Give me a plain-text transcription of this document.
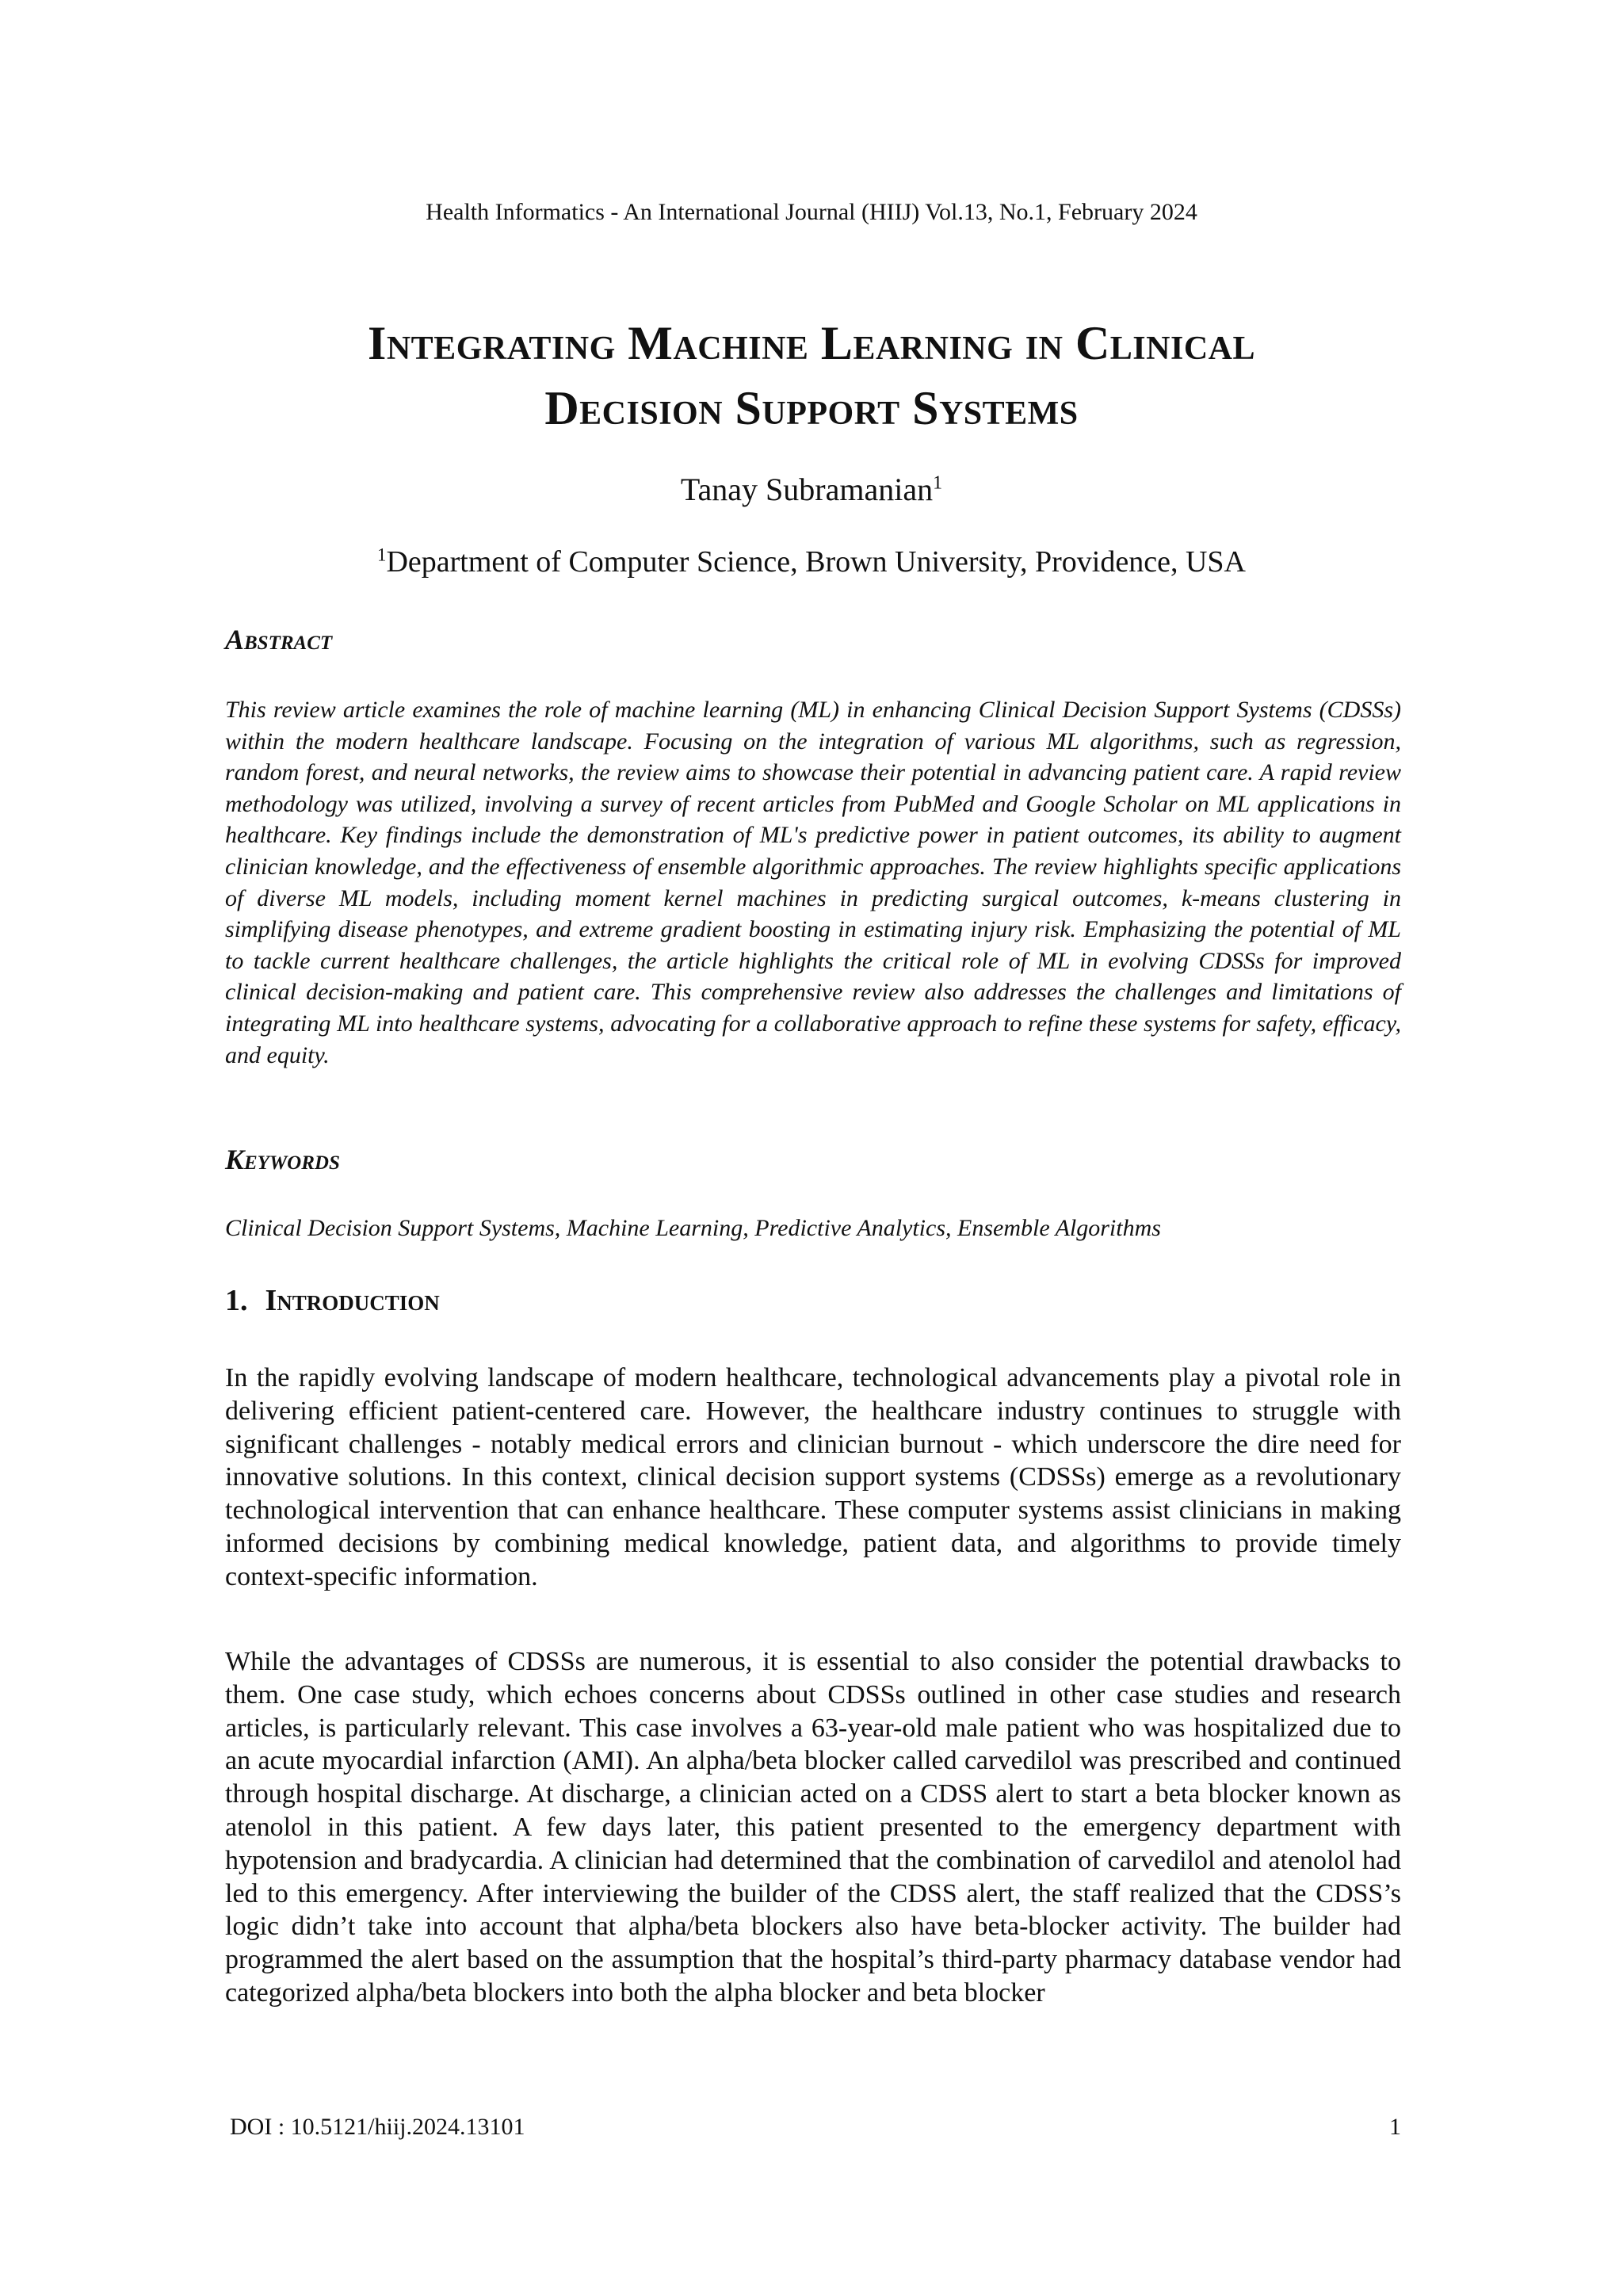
Health Informatics - An International Journal (HIIJ) Vol.13, No.1, February 2024
Integrating Machine Learning in Clinical
Decision Support Systems
Tanay Subramanian$^1$
$^1$Department of Computer Science, Brown University, Providence, USA
Abstract
This review article examines the role of machine learning (ML) in enhancing Clinical Decision Support Systems (CDSSs) within the modern healthcare landscape. Focusing on the integration of various ML algorithms, such as regression, random forest, and neural networks, the review aims to showcase their potential in advancing patient care. A rapid review methodology was utilized, involving a survey of recent articles from PubMed and Google Scholar on ML applications in healthcare. Key findings include the demonstration of ML's predictive power in patient outcomes, its ability to augment clinician knowledge, and the effectiveness of ensemble algorithmic approaches. The review highlights specific applications of diverse ML models, including moment kernel machines in predicting surgical outcomes, k-means clustering in simplifying disease phenotypes, and extreme gradient boosting in estimating injury risk. Emphasizing the potential of ML to tackle current healthcare challenges, the article highlights the critical role of ML in evolving CDSSs for improved clinical decision-making and patient care. This comprehensive review also addresses the challenges and limitations of integrating ML into healthcare systems, advocating for a collaborative approach to refine these systems for safety, efficacy, and equity.
Keywords
Clinical Decision Support Systems, Machine Learning, Predictive Analytics, Ensemble Algorithms
1. Introduction
In the rapidly evolving landscape of modern healthcare, technological advancements play a pivotal role in delivering efficient patient-centered care. However, the healthcare industry continues to struggle with significant challenges - notably medical errors and clinician burnout - which underscore the dire need for innovative solutions. In this context, clinical decision support systems (CDSSs) emerge as a revolutionary technological intervention that can enhance healthcare. These computer systems assist clinicians in making informed decisions by combining medical knowledge, patient data, and algorithms to provide timely context-specific information.
While the advantages of CDSSs are numerous, it is essential to also consider the potential drawbacks to them. One case study, which echoes concerns about CDSSs outlined in other case studies and research articles, is particularly relevant. This case involves a 63-year-old male patient who was hospitalized due to an acute myocardial infarction (AMI). An alpha/beta blocker called carvedilol was prescribed and continued through hospital discharge. At discharge, a clinician acted on a CDSS alert to start a beta blocker known as atenolol in this patient. A few days later, this patient presented to the emergency department with hypotension and bradycardia. A clinician had determined that the combination of carvedilol and atenolol had led to this emergency. After interviewing the builder of the CDSS alert, the staff realized that the CDSS’s logic didn’t take into account that alpha/beta blockers also have beta-blocker activity. The builder had programmed the alert based on the assumption that the hospital’s third-party pharmacy database vendor had categorized alpha/beta blockers into both the alpha blocker and beta blocker
DOI : 10.5121/hiij.2024.13101	1
